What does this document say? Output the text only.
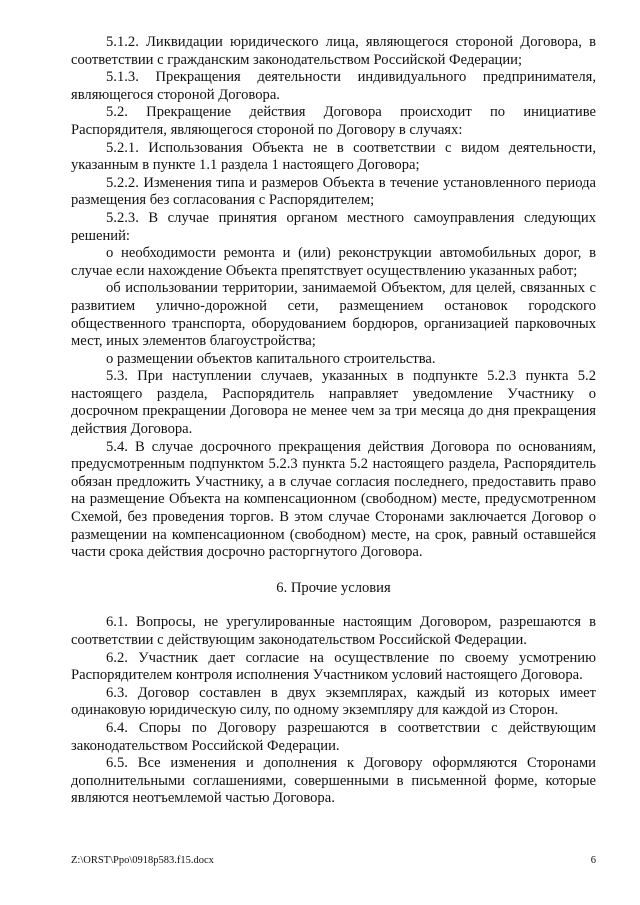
5.1.2. Ликвидации юридического лица, являющегося стороной Договора, в соответствии с гражданским законодательством Российской Федерации;

5.1.3. Прекращения деятельности индивидуального предпринимателя, являющегося стороной Договора.

5.2. Прекращение действия Договора происходит по инициативе Распорядителя, являющегося стороной по Договору в случаях:

5.2.1. Использования Объекта не в соответствии с видом деятельности, указанным в пункте 1.1 раздела 1 настоящего Договора;

5.2.2. Изменения типа и размеров Объекта в течение установленного периода размещения без согласования с Распорядителем;

5.2.3. В случае принятия органом местного самоуправления следующих решений:

о необходимости ремонта и (или) реконструкции автомобильных дорог, в случае если нахождение Объекта препятствует осуществлению указанных работ;

об использовании территории, занимаемой Объектом, для целей, связанных с развитием улично-дорожной сети, размещением остановок городского общественного транспорта, оборудованием бордюров, организацией парковочных мест, иных элементов благоустройства;

о размещении объектов капитального строительства.

5.3. При наступлении случаев, указанных в подпункте 5.2.3 пункта 5.2 настоящего раздела, Распорядитель направляет уведомление Участнику о досрочном прекращении Договора не менее чем за три месяца до дня прекращения действия Договора.

5.4. В случае досрочного прекращения действия Договора по основаниям, предусмотренным подпунктом 5.2.3 пункта 5.2 настоящего раздела, Распорядитель обязан предложить Участнику, а в случае согласия последнего, предоставить право на размещение Объекта на компенсационном (свободном) месте, предусмотренном Схемой, без проведения торгов. В этом случае Сторонами заключается Договор о размещении на компенсационном (свободном) месте, на срок, равный оставшейся части срока действия досрочно расторгнутого Договора.

6. Прочие условия

6.1. Вопросы, не урегулированные настоящим Договором, разрешаются в соответствии с действующим законодательством Российской Федерации.

6.2. Участник дает согласие на осуществление по своему усмотрению Распорядителем контроля исполнения Участником условий настоящего Договора.

6.3. Договор составлен в двух экземплярах, каждый из которых имеет одинаковую юридическую силу, по одному экземпляру для каждой из Сторон.

6.4. Споры по Договору разрешаются в соответствии с действующим законодательством Российской Федерации.

6.5. Все изменения и дополнения к Договору оформляются Сторонами дополнительными соглашениями, совершенными в письменной форме, которые являются неотъемлемой частью Договора.

Z:\ORST\Ppo\0918p583.f15.docx	6
